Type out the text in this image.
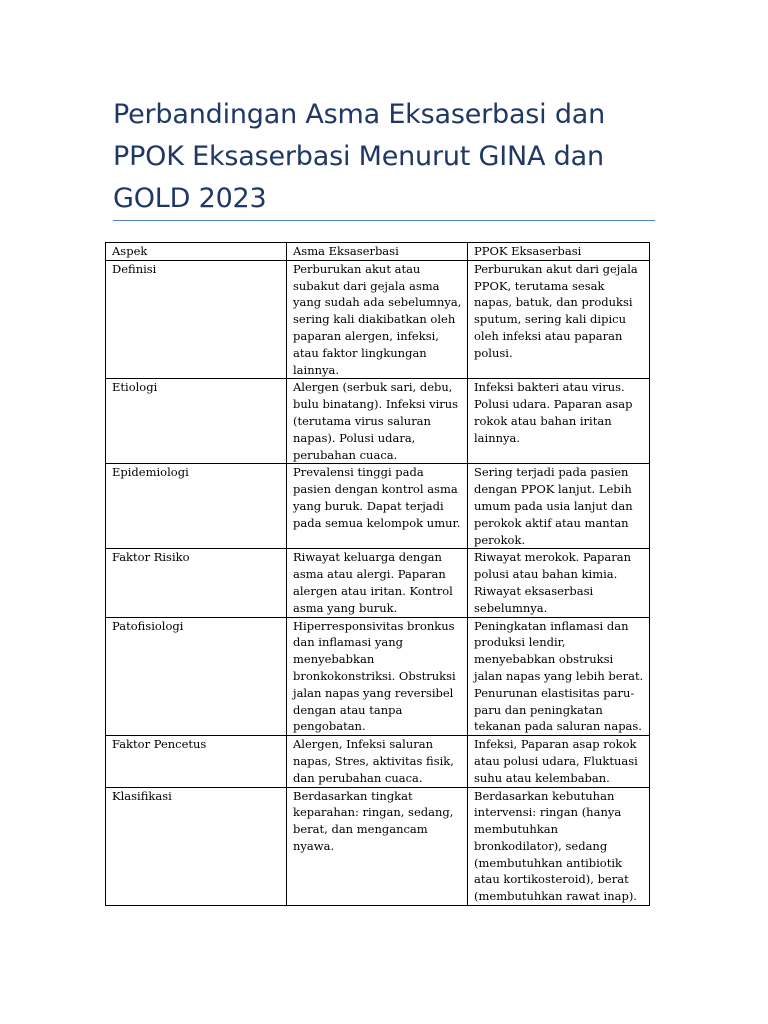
Perbandingan Asma Eksaserbasi dan PPOK Eksaserbasi Menurut GINA dan GOLD 2023
Aspek	Asma Eksaserbasi	PPOK Eksaserbasi
Definisi	Perburukan akut atau subakut dari gejala asma yang sudah ada sebelumnya, sering kali diakibatkan oleh paparan alergen, infeksi, atau faktor lingkungan lainnya.	Perburukan akut dari gejala PPOK, terutama sesak napas, batuk, dan produksi sputum, sering kali dipicu oleh infeksi atau paparan polusi.
Etiologi	Alergen (serbuk sari, debu, bulu binatang). Infeksi virus (terutama virus saluran napas). Polusi udara, perubahan cuaca.	Infeksi bakteri atau virus. Polusi udara. Paparan asap rokok atau bahan iritan lainnya.
Epidemiologi	Prevalensi tinggi pada pasien dengan kontrol asma yang buruk. Dapat terjadi pada semua kelompok umur.	Sering terjadi pada pasien dengan PPOK lanjut. Lebih umum pada usia lanjut dan perokok aktif atau mantan perokok.
Faktor Risiko	Riwayat keluarga dengan asma atau alergi. Paparan alergen atau iritan. Kontrol asma yang buruk.	Riwayat merokok. Paparan polusi atau bahan kimia. Riwayat eksaserbasi sebelumnya.
Patofisiologi	Hiperresponsivitas bronkus dan inflamasi yang menyebabkan bronkokonstriksi. Obstruksi jalan napas yang reversibel dengan atau tanpa pengobatan.	Peningkatan inflamasi dan produksi lendir, menyebabkan obstruksi jalan napas yang lebih berat. Penurunan elastisitas paru-paru dan peningkatan tekanan pada saluran napas.
Faktor Pencetus	Alergen, Infeksi saluran napas, Stres, aktivitas fisik, dan perubahan cuaca.	Infeksi, Paparan asap rokok atau polusi udara, Fluktuasi suhu atau kelembaban.
Klasifikasi	Berdasarkan tingkat keparahan: ringan, sedang, berat, dan mengancam nyawa.	Berdasarkan kebutuhan intervensi: ringan (hanya membutuhkan bronkodilator), sedang (membutuhkan antibiotik atau kortikosteroid), berat (membutuhkan rawat inap).
